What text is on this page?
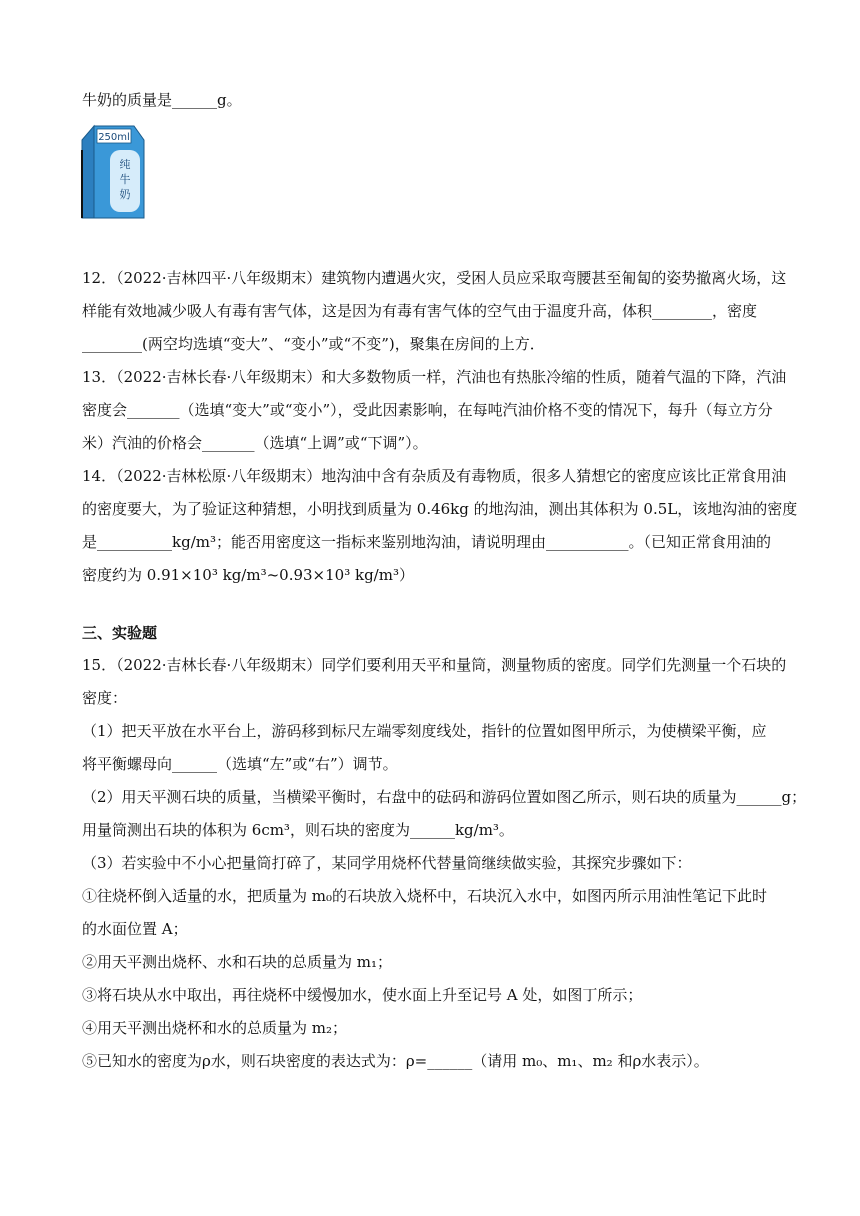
牛奶的质量是______g。
250ml
纯
牛
奶
12．（2022·吉林四平·八年级期末）建筑物内遭遇火灾，受困人员应采取弯腰甚至匍匐的姿势撤离火场，这
样能有效地减少吸人有毒有害气体，这是因为有毒有害气体的空气由于温度升高，体积________，密度
________(两空均选填“变大”、“变小”或“不变”)，聚集在房间的上方．
13．（2022·吉林长春·八年级期末）和大多数物质一样，汽油也有热胀冷缩的性质，随着气温的下降，汽油
密度会_______（选填“变大”或“变小”），受此因素影响，在每吨汽油价格不变的情况下，每升（每立方分
米）汽油的价格会_______（选填“上调”或“下调”）。
14．（2022·吉林松原·八年级期末）地沟油中含有杂质及有毒物质，很多人猜想它的密度应该比正常食用油
的密度要大，为了验证这种猜想，小明找到质量为 0.46kg 的地沟油，测出其体积为 0.5L，该地沟油的密度
是__________kg/m³；能否用密度这一指标来鉴别地沟油，请说明理由___________。（已知正常食用油的
密度约为 0.91×10³ kg/m³~0.93×10³ kg/m³）
三、实验题
15．（2022·吉林长春·八年级期末）同学们要利用天平和量筒，测量物质的密度。同学们先测量一个石块的
密度：
（1）把天平放在水平台上，游码移到标尺左端零刻度线处，指针的位置如图甲所示，为使横梁平衡，应
将平衡螺母向______（选填“左”或“右”）调节。
（2）用天平测石块的质量，当横梁平衡时，右盘中的砝码和游码位置如图乙所示，则石块的质量为______g；
用量筒测出石块的体积为 6cm³，则石块的密度为______kg/m³。
（3）若实验中不小心把量筒打碎了，某同学用烧杯代替量筒继续做实验，其探究步骤如下：
①往烧杯倒入适量的水，把质量为 m₀的石块放入烧杯中，石块沉入水中，如图丙所示用油性笔记下此时
的水面位置 A；
②用天平测出烧杯、水和石块的总质量为 m₁；
③将石块从水中取出，再往烧杯中缓慢加水，使水面上升至记号 A 处，如图丁所示；
④用天平测出烧杯和水的总质量为 m₂；
⑤已知水的密度为ρ水，则石块密度的表达式为：ρ=______（请用 m₀、m₁、m₂ 和ρ水表示）。
